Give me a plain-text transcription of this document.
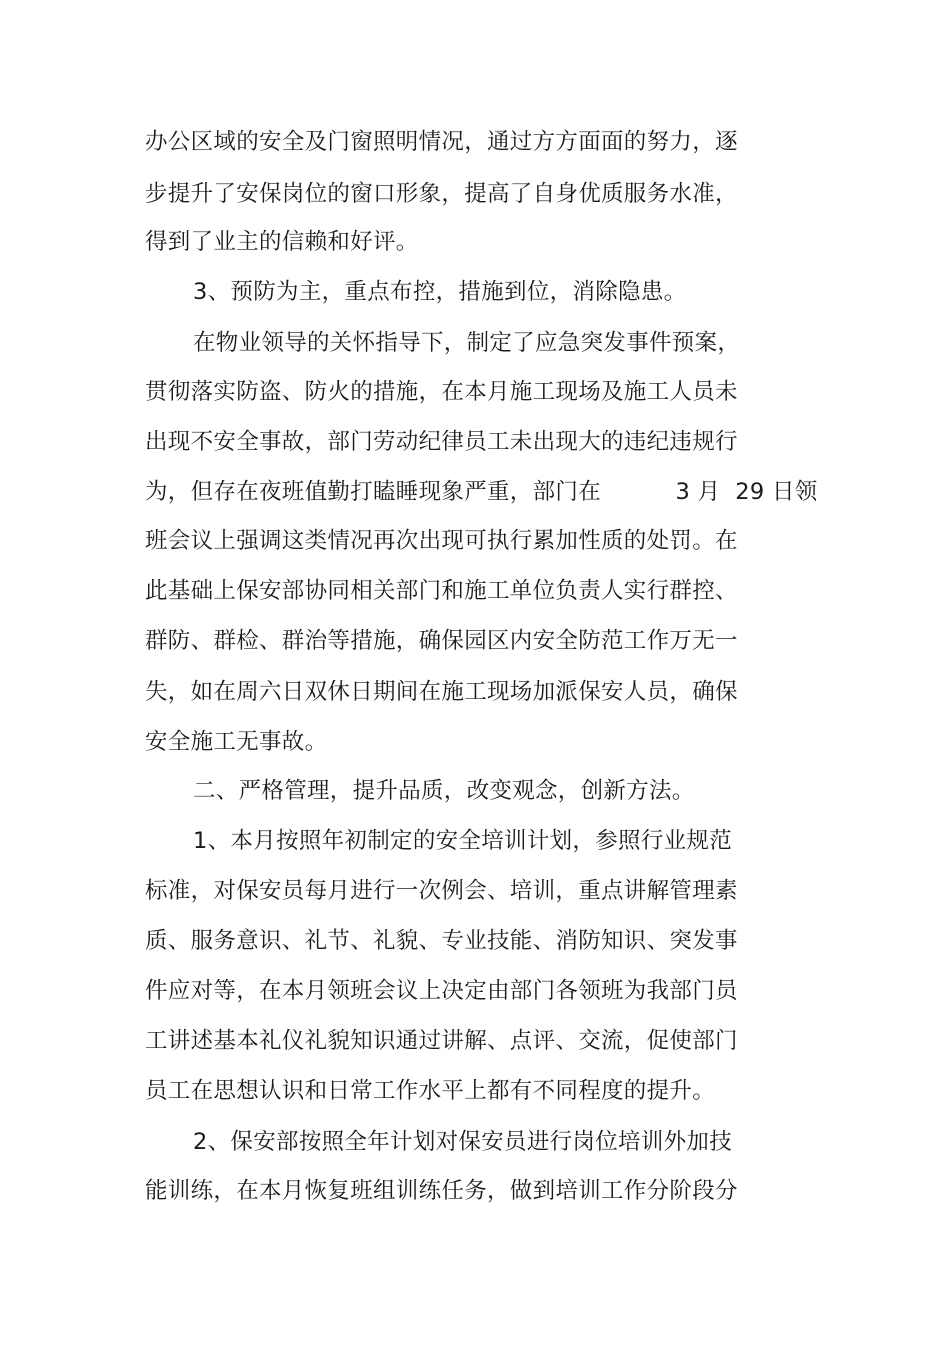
办公区域的安全及门窗照明情况，通过方方面面的努力，逐
步提升了安保岗位的窗口形象，提高了自身优质服务水准，
得到了业主的信赖和好评。
3、预防为主，重点布控，措施到位，消除隐患。
在物业领导的关怀指导下，制定了应急突发事件预案，
贯彻落实防盗、防火的措施，在本月施工现场及施工人员未
出现不安全事故，部门劳动纪律员工未出现大的违纪违规行
为，但存在夜班值勤打瞌睡现象严重，部门在          3 月  29 日领
班会议上强调这类情况再次出现可执行累加性质的处罚。在
此基础上保安部协同相关部门和施工单位负责人实行群控、
群防、群检、群治等措施，确保园区内安全防范工作万无一
失，如在周六日双休日期间在施工现场加派保安人员，确保
安全施工无事故。
二、严格管理，提升品质，改变观念，创新方法。
1、本月按照年初制定的安全培训计划，参照行业规范
标准，对保安员每月进行一次例会、培训，重点讲解管理素
质、服务意识、礼节、礼貌、专业技能、消防知识、突发事
件应对等，在本月领班会议上决定由部门各领班为我部门员
工讲述基本礼仪礼貌知识通过讲解、点评、交流，促使部门
员工在思想认识和日常工作水平上都有不同程度的提升。
2、保安部按照全年计划对保安员进行岗位培训外加技
能训练，在本月恢复班组训练任务，做到培训工作分阶段分
